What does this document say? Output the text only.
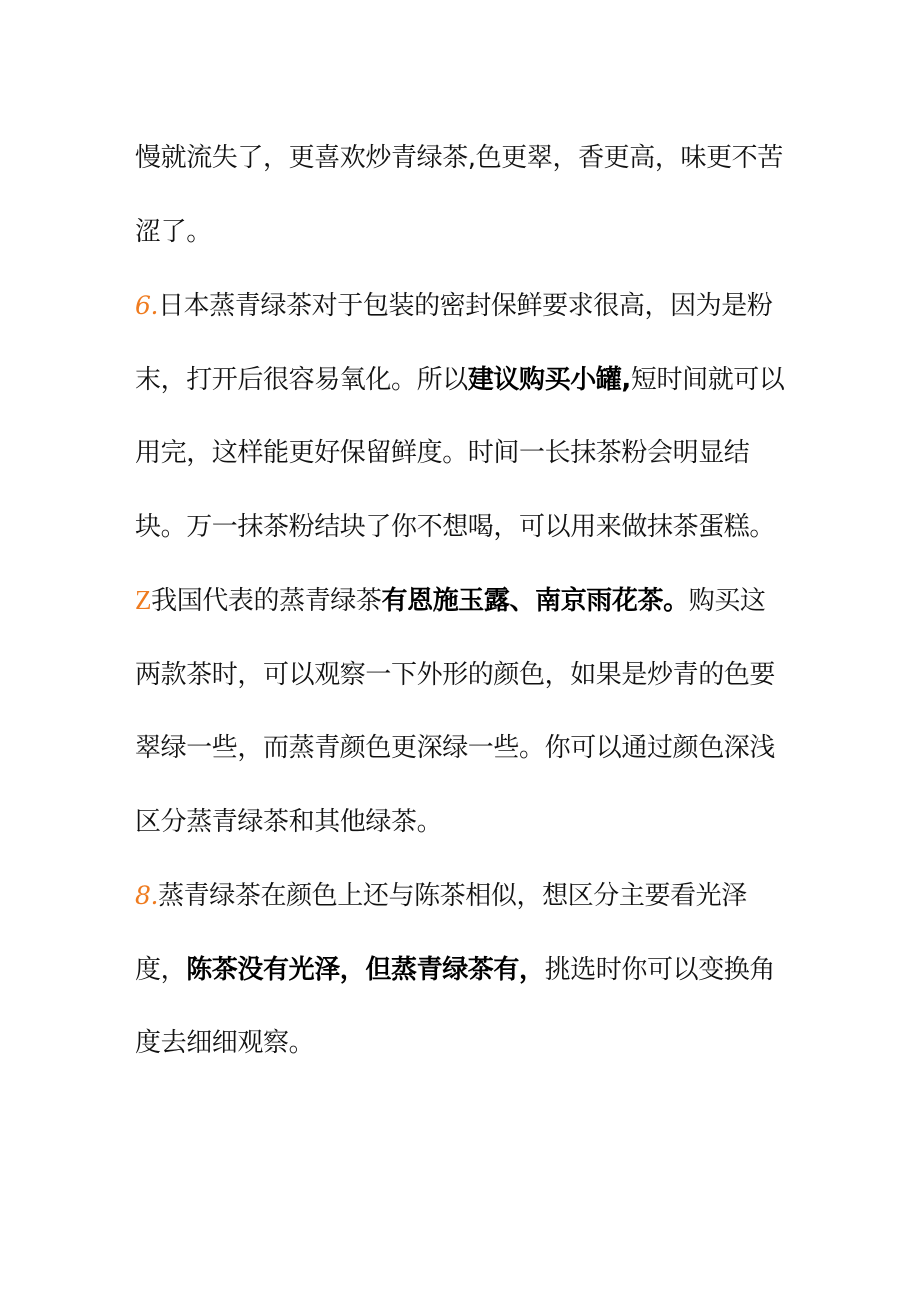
慢就流失了，更喜欢炒青绿茶,色更翠，香更高，味更不苦涩了。

6.日本蒸青绿茶对于包装的密封保鲜要求很高，因为是粉末，打开后很容易氧化。所以建议购买小罐,短时间就可以用完，这样能更好保留鲜度。时间一长抹茶粉会明显结块。万一抹茶粉结块了你不想喝，可以用来做抹茶蛋糕。

Z我国代表的蒸青绿茶有恩施玉露、南京雨花茶。购买这两款茶时，可以观察一下外形的颜色，如果是炒青的色要翠绿一些，而蒸青颜色更深绿一些。你可以通过颜色深浅区分蒸青绿茶和其他绿茶。

8.蒸青绿茶在颜色上还与陈茶相似，想区分主要看光泽度，陈茶没有光泽，但蒸青绿茶有，挑选时你可以变换角度去细细观察。
